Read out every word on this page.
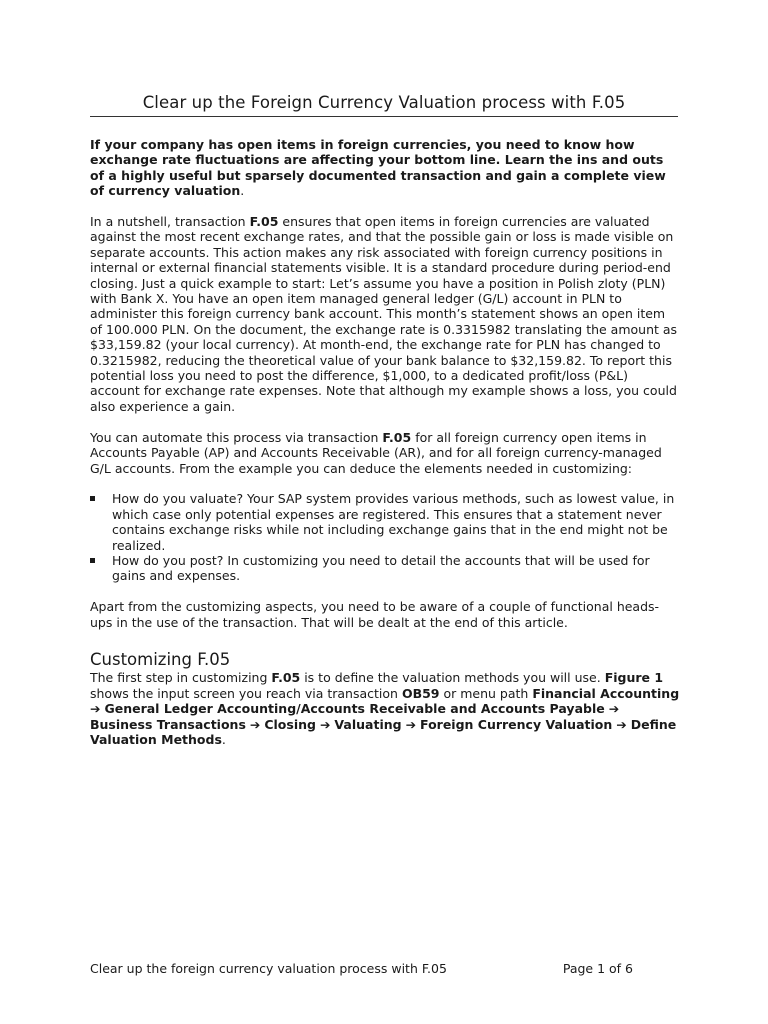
Clear up the Foreign Currency Valuation process with F.05

If your company has open items in foreign currencies, you need to know how exchange rate fluctuations are affecting your bottom line. Learn the ins and outs of a highly useful but sparsely documented transaction and gain a complete view of currency valuation.

In a nutshell, transaction F.05 ensures that open items in foreign currencies are valuated against the most recent exchange rates, and that the possible gain or loss is made visible on separate accounts. This action makes any risk associated with foreign currency positions in internal or external financial statements visible. It is a standard procedure during period-end closing. Just a quick example to start: Let’s assume you have a position in Polish zloty (PLN) with Bank X. You have an open item managed general ledger (G/L) account in PLN to administer this foreign currency bank account. This month’s statement shows an open item of 100.000 PLN. On the document, the exchange rate is 0.3315982 translating the amount as $33,159.82 (your local currency). At month-end, the exchange rate for PLN has changed to 0.3215982, reducing the theoretical value of your bank balance to $32,159.82. To report this potential loss you need to post the difference, $1,000, to a dedicated profit/loss (P&L) account for exchange rate expenses. Note that although my example shows a loss, you could also experience a gain.

You can automate this process via transaction F.05 for all foreign currency open items in Accounts Payable (AP) and Accounts Receivable (AR), and for all foreign currency-managed G/L accounts. From the example you can deduce the elements needed in customizing:

How do you valuate? Your SAP system provides various methods, such as lowest value, in which case only potential expenses are registered. This ensures that a statement never contains exchange risks while not including exchange gains that in the end might not be realized.
How do you post? In customizing you need to detail the accounts that will be used for gains and expenses.

Apart from the customizing aspects, you need to be aware of a couple of functional heads-ups in the use of the transaction. That will be dealt at the end of this article.

Customizing F.05

The first step in customizing F.05 is to define the valuation methods you will use. Figure 1 shows the input screen you reach via transaction OB59 or menu path Financial Accounting ➔ General Ledger Accounting/Accounts Receivable and Accounts Payable ➔ Business Transactions ➔ Closing ➔ Valuating ➔ Foreign Currency Valuation ➔ Define Valuation Methods.

Clear up the foreign currency valuation process with F.05	Page 1 of 6
